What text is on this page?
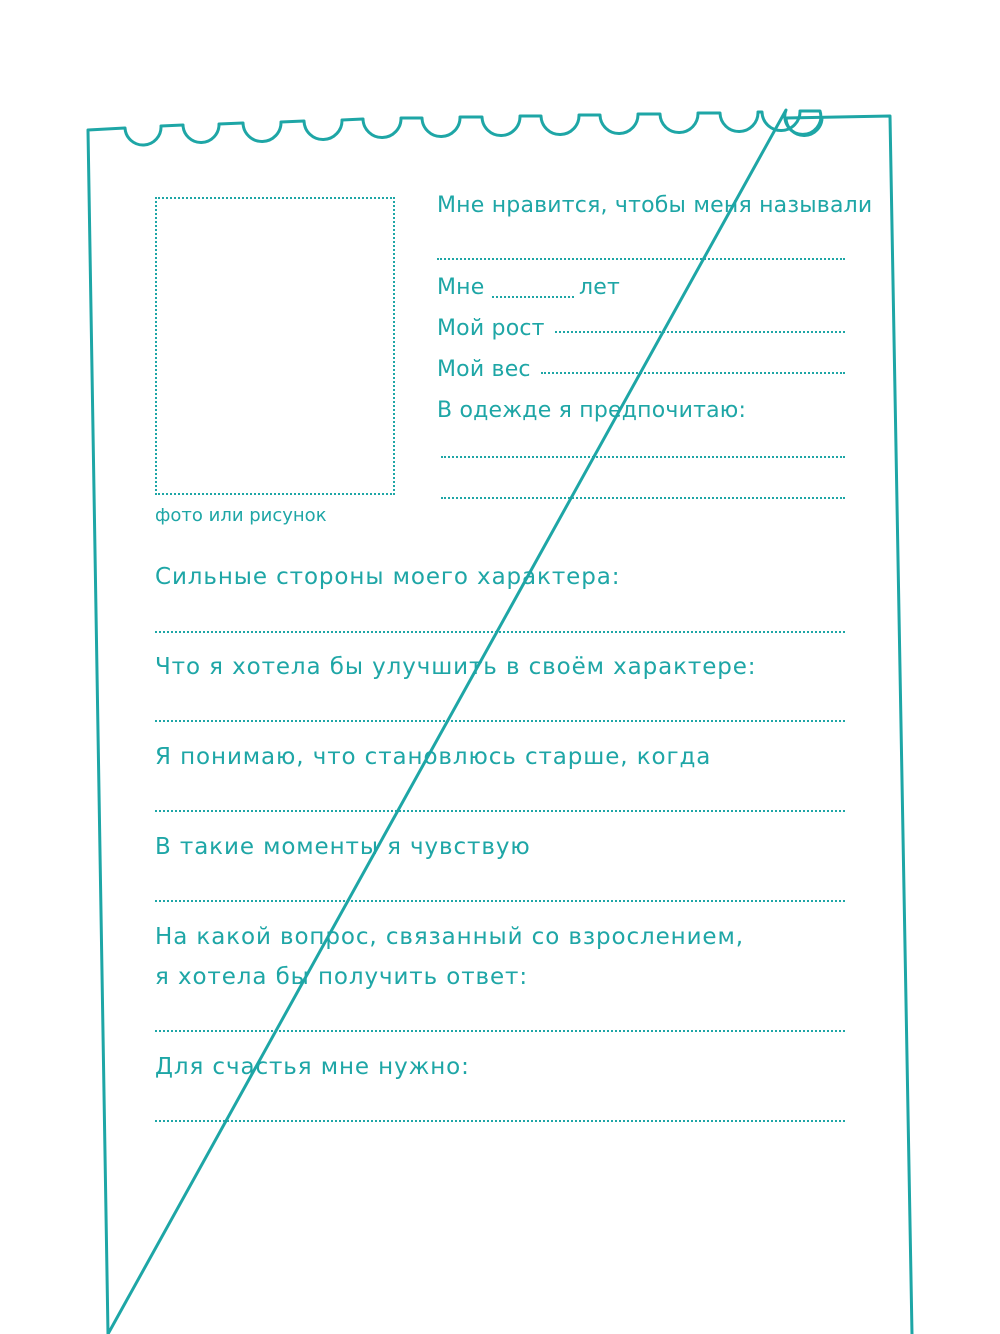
фото или рисунок
Мне нравится, чтобы меня называли
Мне	лет
Мой рост
Мой вес
В одежде я предпочитаю:
Сильные стороны моего характера:
Что я хотела бы улучшить в своём характере:
Я понимаю, что становлюсь старше, когда
В такие моменты я чувствую
На какой вопрос, связанный со взрослением,
я хотела бы получить ответ:
Для счастья мне нужно:
